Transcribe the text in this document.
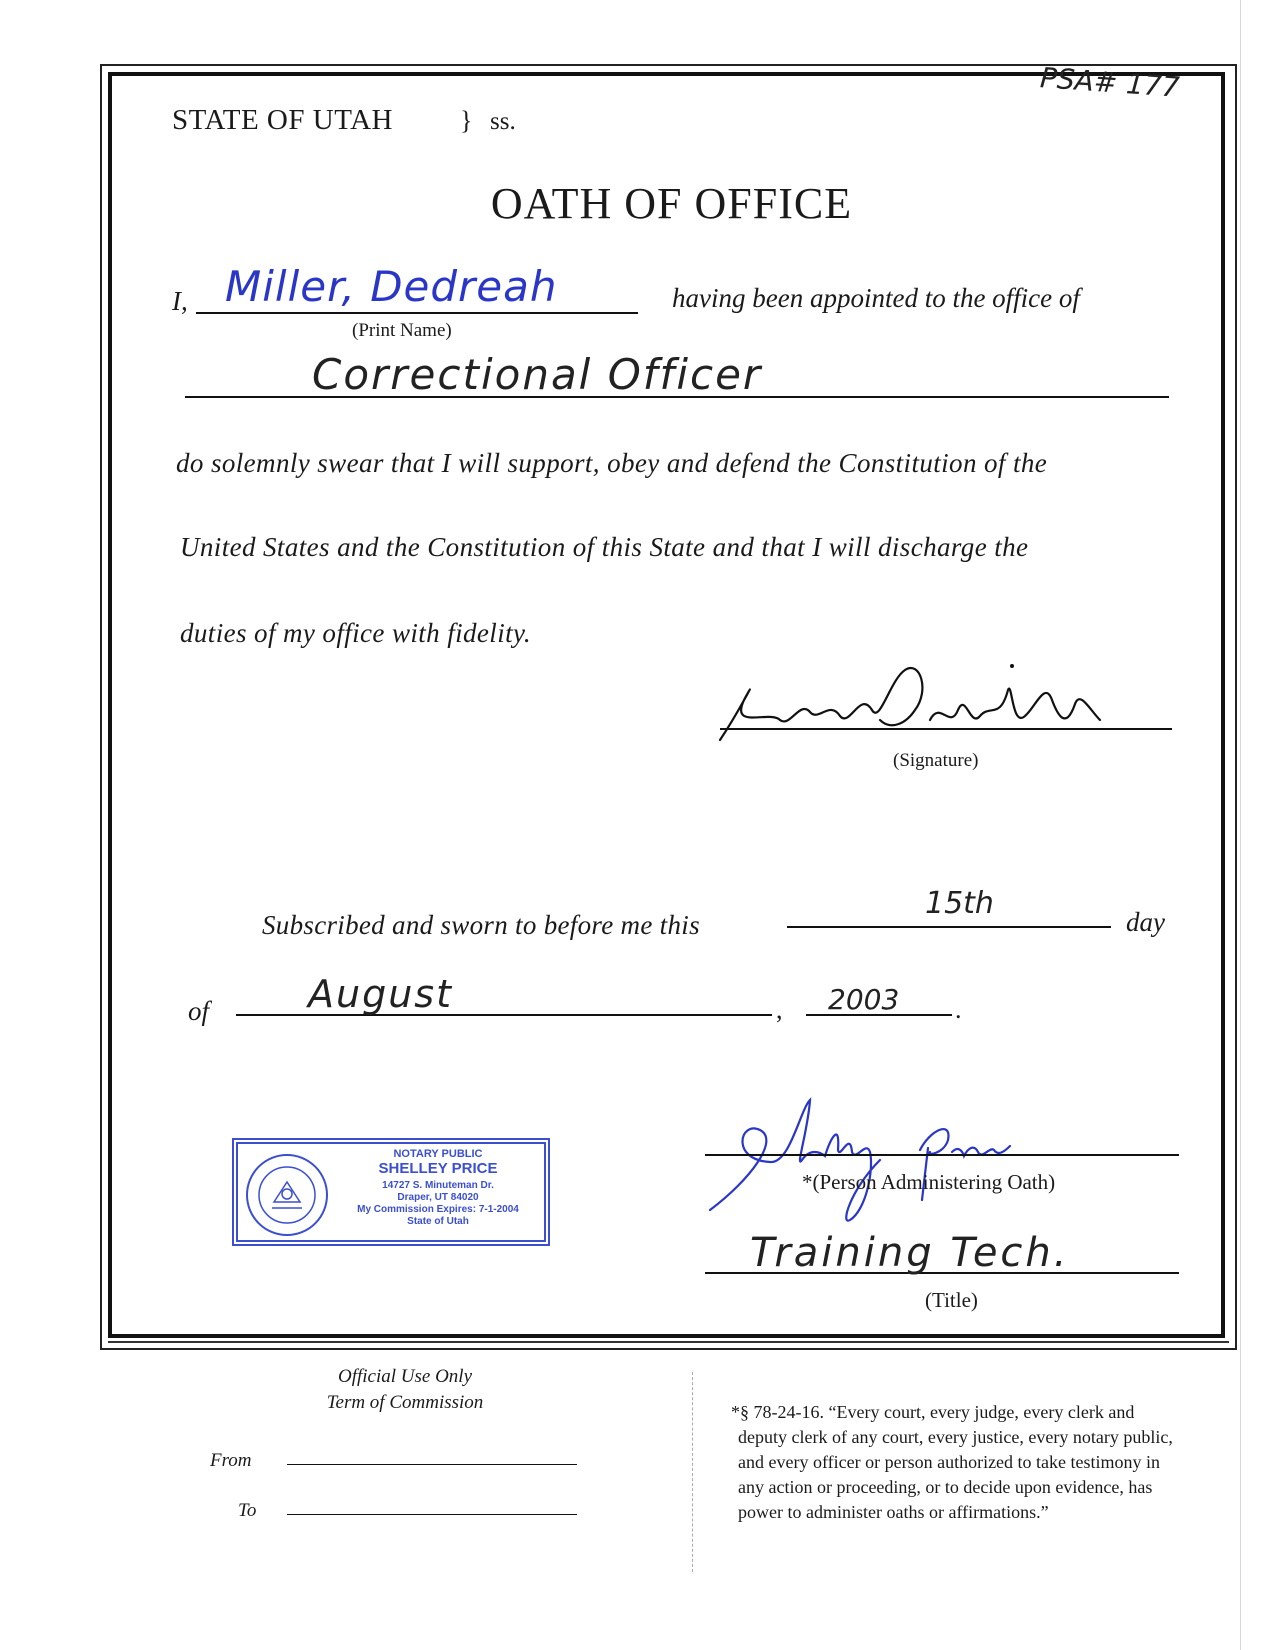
PSA# 177
STATE OF UTAH	} ss.
OATH OF OFFICE
I, Miller, Dedreah
(Print Name)
having been appointed to the office of
Correctional Officer
do solemnly swear that I will support, obey and defend the Constitution of the
United States and the Constitution of this State and that I will discharge the
duties of my office with fidelity.
(Signature)
Subscribed and sworn to before me this
15th
day
of	August	, 2003 .
NOTARY PUBLIC
SHELLEY PRICE
14727 S. Minuteman Dr.
Draper, UT 84020
My Commission Expires: 7-1-2004
State of Utah
*(Person Administering Oath)
Training Tech.
(Title)
Official Use Only
Term of Commission
From
To
*§ 78-24-16. “Every court, every judge, every clerk and
deputy clerk of any court, every justice, every notary public,
and every officer or person authorized to take testimony in
any action or proceeding, or to decide upon evidence, has
power to administer oaths or affirmations.”
